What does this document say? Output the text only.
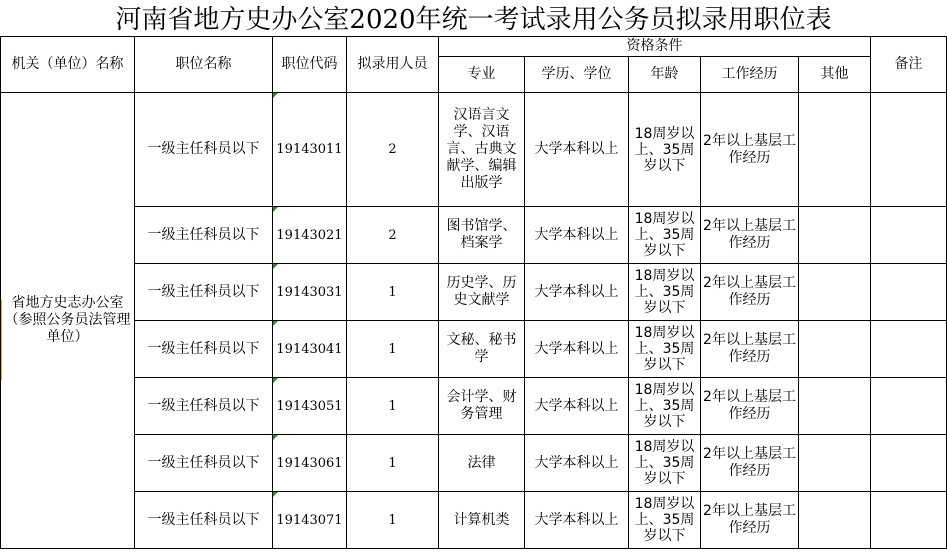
河南省地方史办公室2020年统一考试录用公务员拟录用职位表
机关（单位）名称	职位名称	职位代码	拟录用人员	资格条件					备注
				专业	学历、学位	年龄	工作经历	其他	
省地方史志办公室（参照公务员法管理单位）	一级主任科员以下	19143011	2	汉语言文学、汉语言、古典文献学、编辑出版学	大学本科以上	18周岁以上、35周岁以下	2年以上基层工作经历		
	一级主任科员以下	19143021	2	图书馆学、档案学	大学本科以上	18周岁以上、35周岁以下	2年以上基层工作经历		
	一级主任科员以下	19143031	1	历史学、历史文献学	大学本科以上	18周岁以上、35周岁以下	2年以上基层工作经历		
	一级主任科员以下	19143041	1	文秘、秘书学	大学本科以上	18周岁以上、35周岁以下	2年以上基层工作经历		
	一级主任科员以下	19143051	1	会计学、财务管理	大学本科以上	18周岁以上、35周岁以下	2年以上基层工作经历		
	一级主任科员以下	19143061	1	法律	大学本科以上	18周岁以上、35周岁以下	2年以上基层工作经历		
	一级主任科员以下	19143071	1	计算机类	大学本科以上	18周岁以上、35周岁以下	2年以上基层工作经历		
